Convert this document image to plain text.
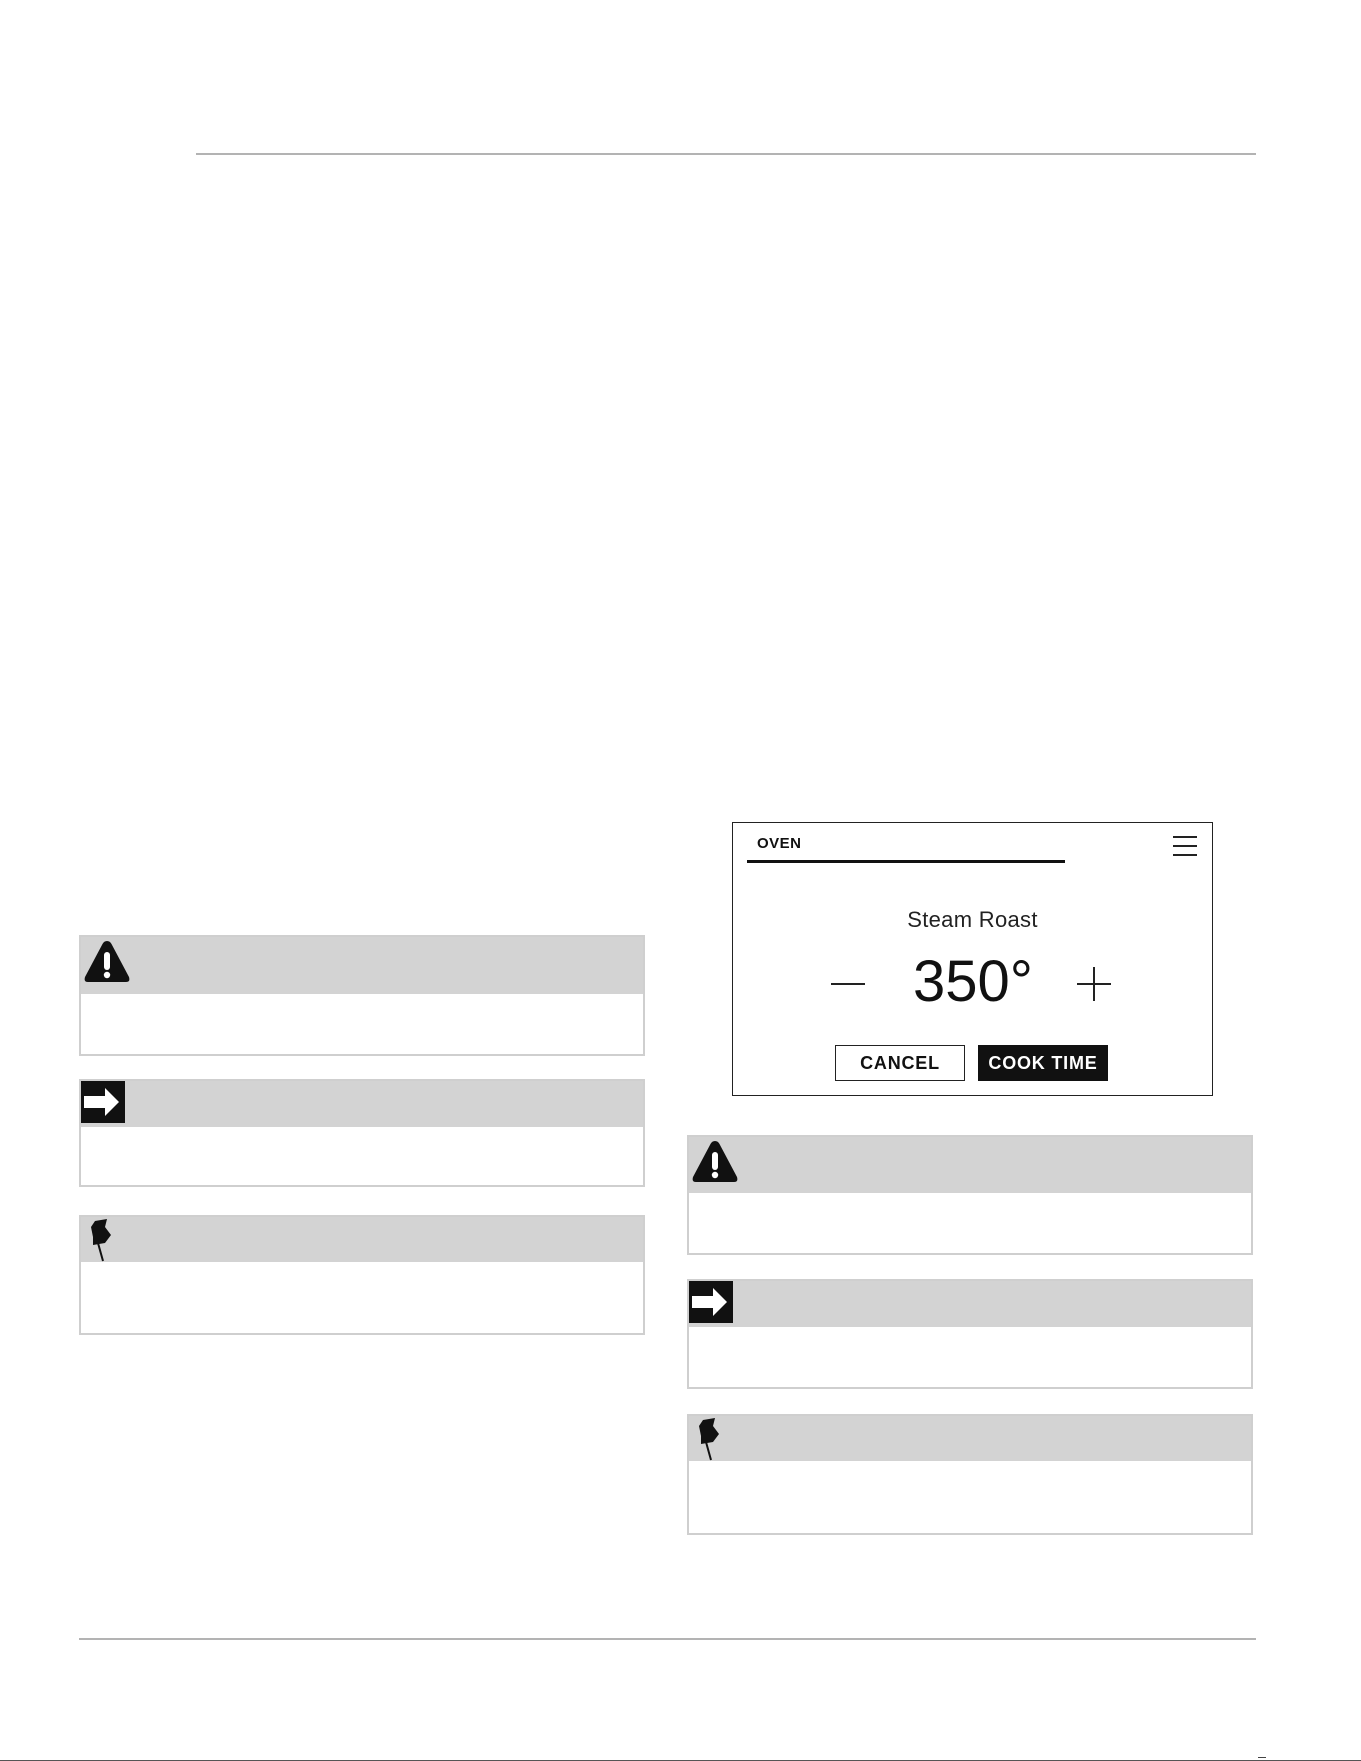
OVEN
Steam Roast
350°
CANCEL	COOK TIME
